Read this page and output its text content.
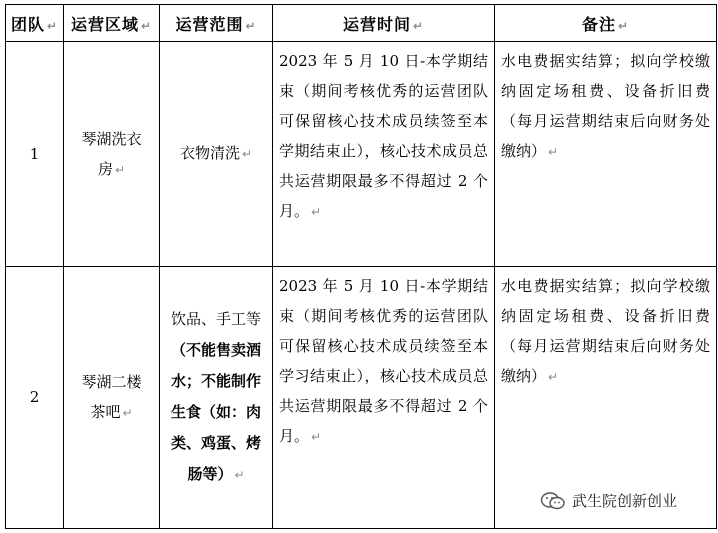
团队 ↵	运营区域 ↵	运营范围 ↵	运营时间 ↵	备注 ↵

1	琴湖洗衣房 ↵	衣物清洗 ↵	2023 年 5 月 10 日-本学期结束（期间考核优秀的运营团队可保留核心技术成员续签至本学期结束止），核心技术成员总共运营期限最多不得超过 2 个月。 ↵	水电费据实结算；拟向学校缴纳固定场租费、设备折旧费（每月运营期结束后向财务处缴纳） ↵

2	琴湖二楼茶吧 ↵	饮品、手工等（不能售卖酒水；不能制作生食（如：肉类、鸡蛋、烤肠等） ↵	2023 年 5 月 10 日-本学期结束（期间考核优秀的运营团队可保留核心技术成员续签至本学习结束止），核心技术成员总共运营期限最多不得超过 2 个月。 ↵	水电费据实结算；拟向学校缴纳固定场租费、设备折旧费（每月运营期结束后向财务处缴纳） ↵
武生院创新创业
